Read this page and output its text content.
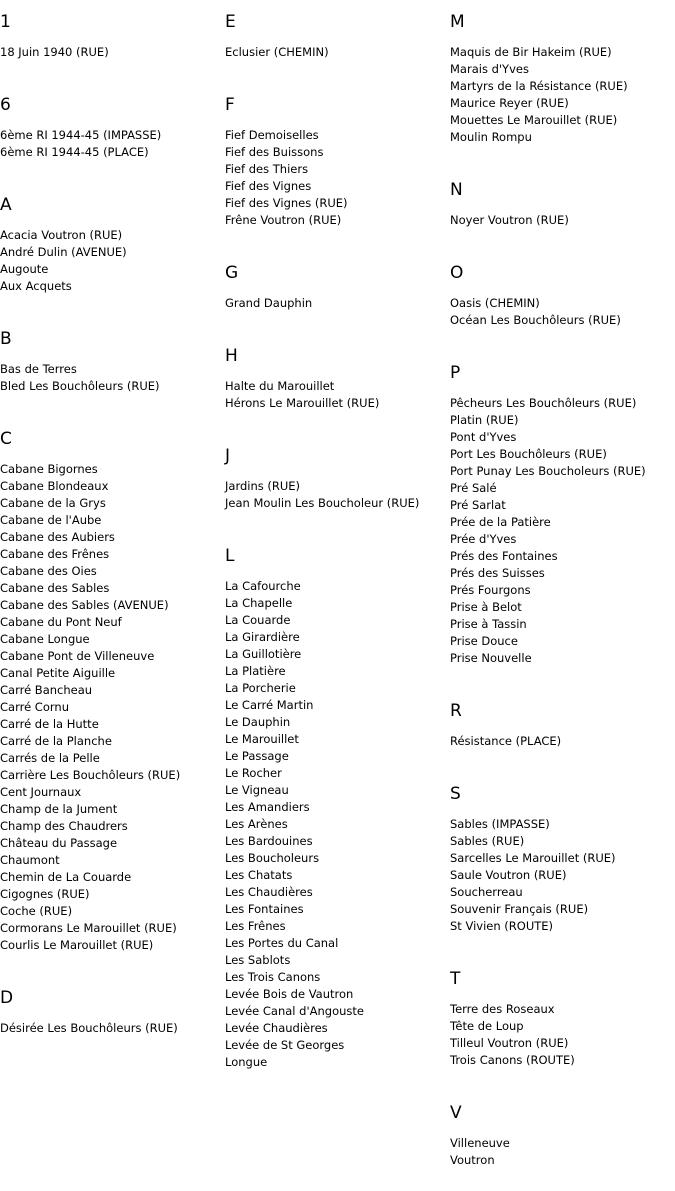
1
18 Juin 1940 (RUE)
6
6ème RI 1944-45 (IMPASSE)
6ème RI 1944-45 (PLACE)
A
Acacia Voutron (RUE)
André Dulin (AVENUE)
Augoute
Aux Acquets
B
Bas de Terres
Bled Les Bouchôleurs (RUE)
C
Cabane Bigornes
Cabane Blondeaux
Cabane de la Grys
Cabane de l'Aube
Cabane des Aubiers
Cabane des Frênes
Cabane des Oies
Cabane des Sables
Cabane des Sables (AVENUE)
Cabane du Pont Neuf
Cabane Longue
Cabane Pont de Villeneuve
Canal Petite Aiguille
Carré Bancheau
Carré Cornu
Carré de la Hutte
Carré de la Planche
Carrés de la Pelle
Carrière Les Bouchôleurs (RUE)
Cent Journaux
Champ de la Jument
Champ des Chaudrers
Château du Passage
Chaumont
Chemin de La Couarde
Cigognes (RUE)
Coche (RUE)
Cormorans Le Marouillet (RUE)
Courlis Le Marouillet (RUE)
D
Désirée Les Bouchôleurs (RUE)
E
Eclusier (CHEMIN)
F
Fief Demoiselles
Fief des Buissons
Fief des Thiers
Fief des Vignes
Fief des Vignes (RUE)
Frêne Voutron (RUE)
G
Grand Dauphin
H
Halte du Marouillet
Hérons Le Marouillet (RUE)
J
Jardins (RUE)
Jean Moulin Les Boucholeur (RUE)
L
La Cafourche
La Chapelle
La Couarde
La Girardière
La Guillotière
La Platière
La Porcherie
Le Carré Martin
Le Dauphin
Le Marouillet
Le Passage
Le Rocher
Le Vigneau
Les Amandiers
Les Arènes
Les Bardouines
Les Boucholeurs
Les Chatats
Les Chaudières
Les Fontaines
Les Frênes
Les Portes du Canal
Les Sablots
Les Trois Canons
Levée Bois de Vautron
Levée Canal d'Angouste
Levée Chaudières
Levée de St Georges
Longue
M
Maquis de Bir Hakeim (RUE)
Marais d'Yves
Martyrs de la Résistance (RUE)
Maurice Reyer (RUE)
Mouettes Le Marouillet (RUE)
Moulin Rompu
N
Noyer Voutron (RUE)
O
Oasis (CHEMIN)
Océan Les Bouchôleurs (RUE)
P
Pêcheurs Les Bouchôleurs (RUE)
Platin (RUE)
Pont d'Yves
Port Les Bouchôleurs (RUE)
Port Punay Les Boucholeurs (RUE)
Pré Salé
Pré Sarlat
Prée de la Patière
Prée d'Yves
Prés des Fontaines
Prés des Suisses
Prés Fourgons
Prise à Belot
Prise à Tassin
Prise Douce
Prise Nouvelle
R
Résistance (PLACE)
S
Sables (IMPASSE)
Sables (RUE)
Sarcelles Le Marouillet (RUE)
Saule Voutron (RUE)
Soucherreau
Souvenir Français (RUE)
St Vivien (ROUTE)
T
Terre des Roseaux
Tête de Loup
Tilleul Voutron (RUE)
Trois Canons (ROUTE)
V
Villeneuve
Voutron
